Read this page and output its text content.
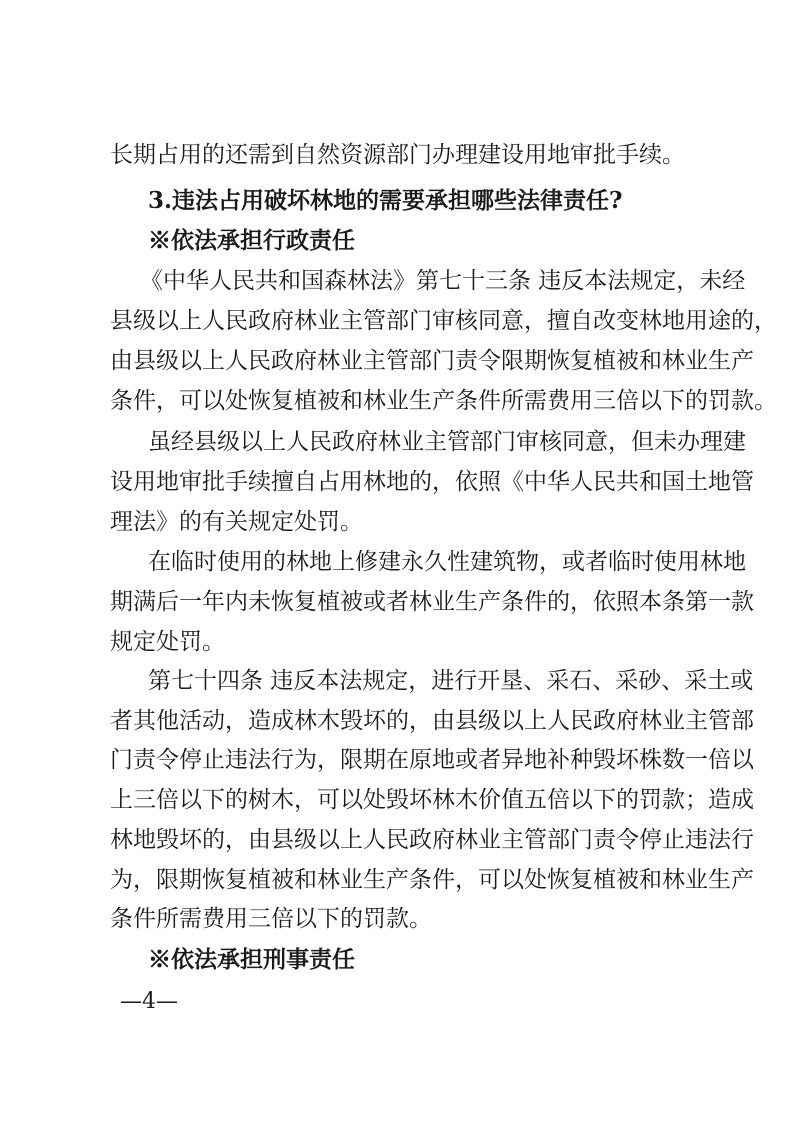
长期占用的还需到自然资源部门办理建设用地审批手续。
3.违法占用破坏林地的需要承担哪些法律责任?
※依法承担行政责任
《中华人民共和国森林法》第七十三条 违反本法规定，未经
县级以上人民政府林业主管部门审核同意，擅自改变林地用途的，
由县级以上人民政府林业主管部门责令限期恢复植被和林业生产
条件，可以处恢复植被和林业生产条件所需费用三倍以下的罚款。
虽经县级以上人民政府林业主管部门审核同意，但未办理建
设用地审批手续擅自占用林地的，依照《中华人民共和国土地管
理法》的有关规定处罚。
在临时使用的林地上修建永久性建筑物，或者临时使用林地
期满后一年内未恢复植被或者林业生产条件的，依照本条第一款
规定处罚。
第七十四条 违反本法规定，进行开垦、采石、采砂、采土或
者其他活动，造成林木毁坏的，由县级以上人民政府林业主管部
门责令停止违法行为，限期在原地或者异地补种毁坏株数一倍以
上三倍以下的树木，可以处毁坏林木价值五倍以下的罚款；造成
林地毁坏的，由县级以上人民政府林业主管部门责令停止违法行
为，限期恢复植被和林业生产条件，可以处恢复植被和林业生产
条件所需费用三倍以下的罚款。
※依法承担刑事责任
—4—
